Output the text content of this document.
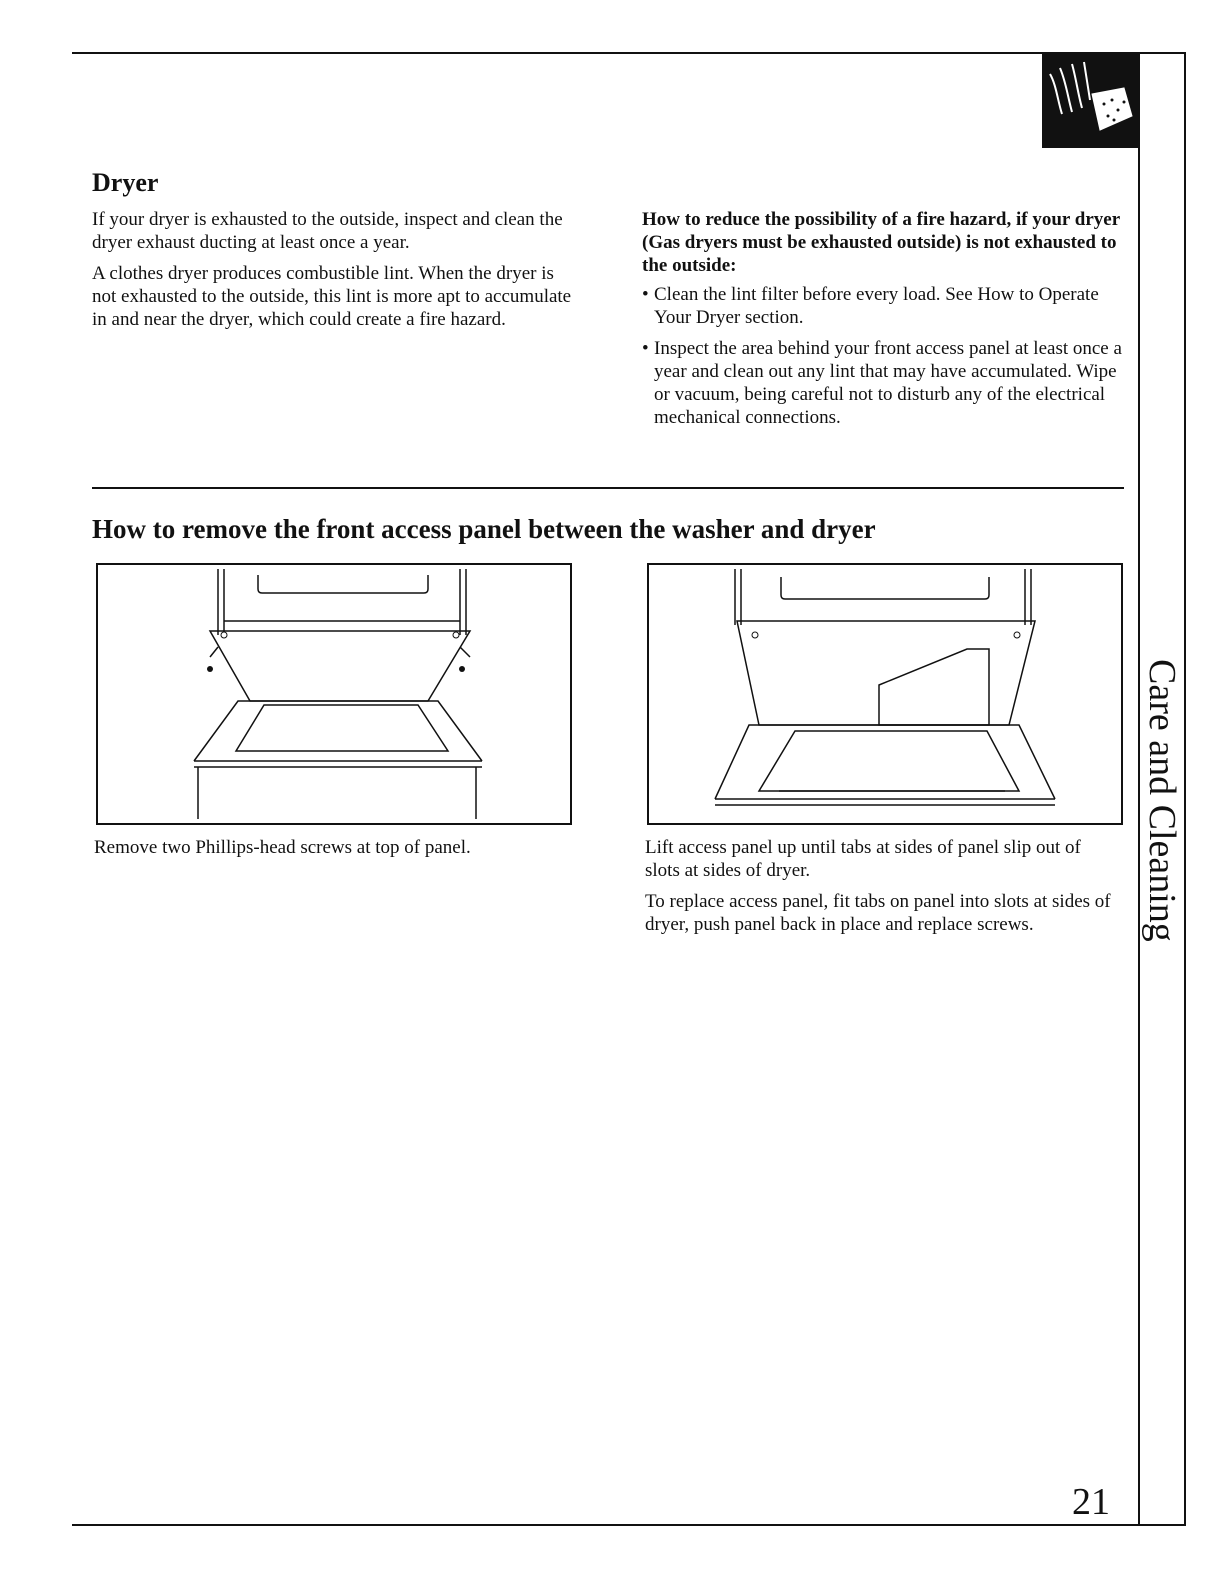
Care and Cleaning
Dryer

If your dryer is exhausted to the outside, inspect and clean the dryer exhaust ducting at least once a year.

A clothes dryer produces combustible lint. When the dryer is not exhausted to the outside, this lint is more apt to accumulate in and near the dryer, which could create a fire hazard.

How to reduce the possibility of a fire hazard, if your dryer (Gas dryers must be exhausted outside) is not exhausted to the outside:

• Clean the lint filter before every load. See How to Operate Your Dryer section.
• Inspect the area behind your front access panel at least once a year and clean out any lint that may have accumulated. Wipe or vacuum, being careful not to disturb any of the electrical mechanical connections.
How to remove the front access panel between the washer and dryer

Remove two Phillips-head screws at top of panel.	Lift access panel up until tabs at sides of panel slip out of slots at sides of dryer.

To replace access panel, fit tabs on panel into slots at sides of dryer, push panel back in place and replace screws.

21
